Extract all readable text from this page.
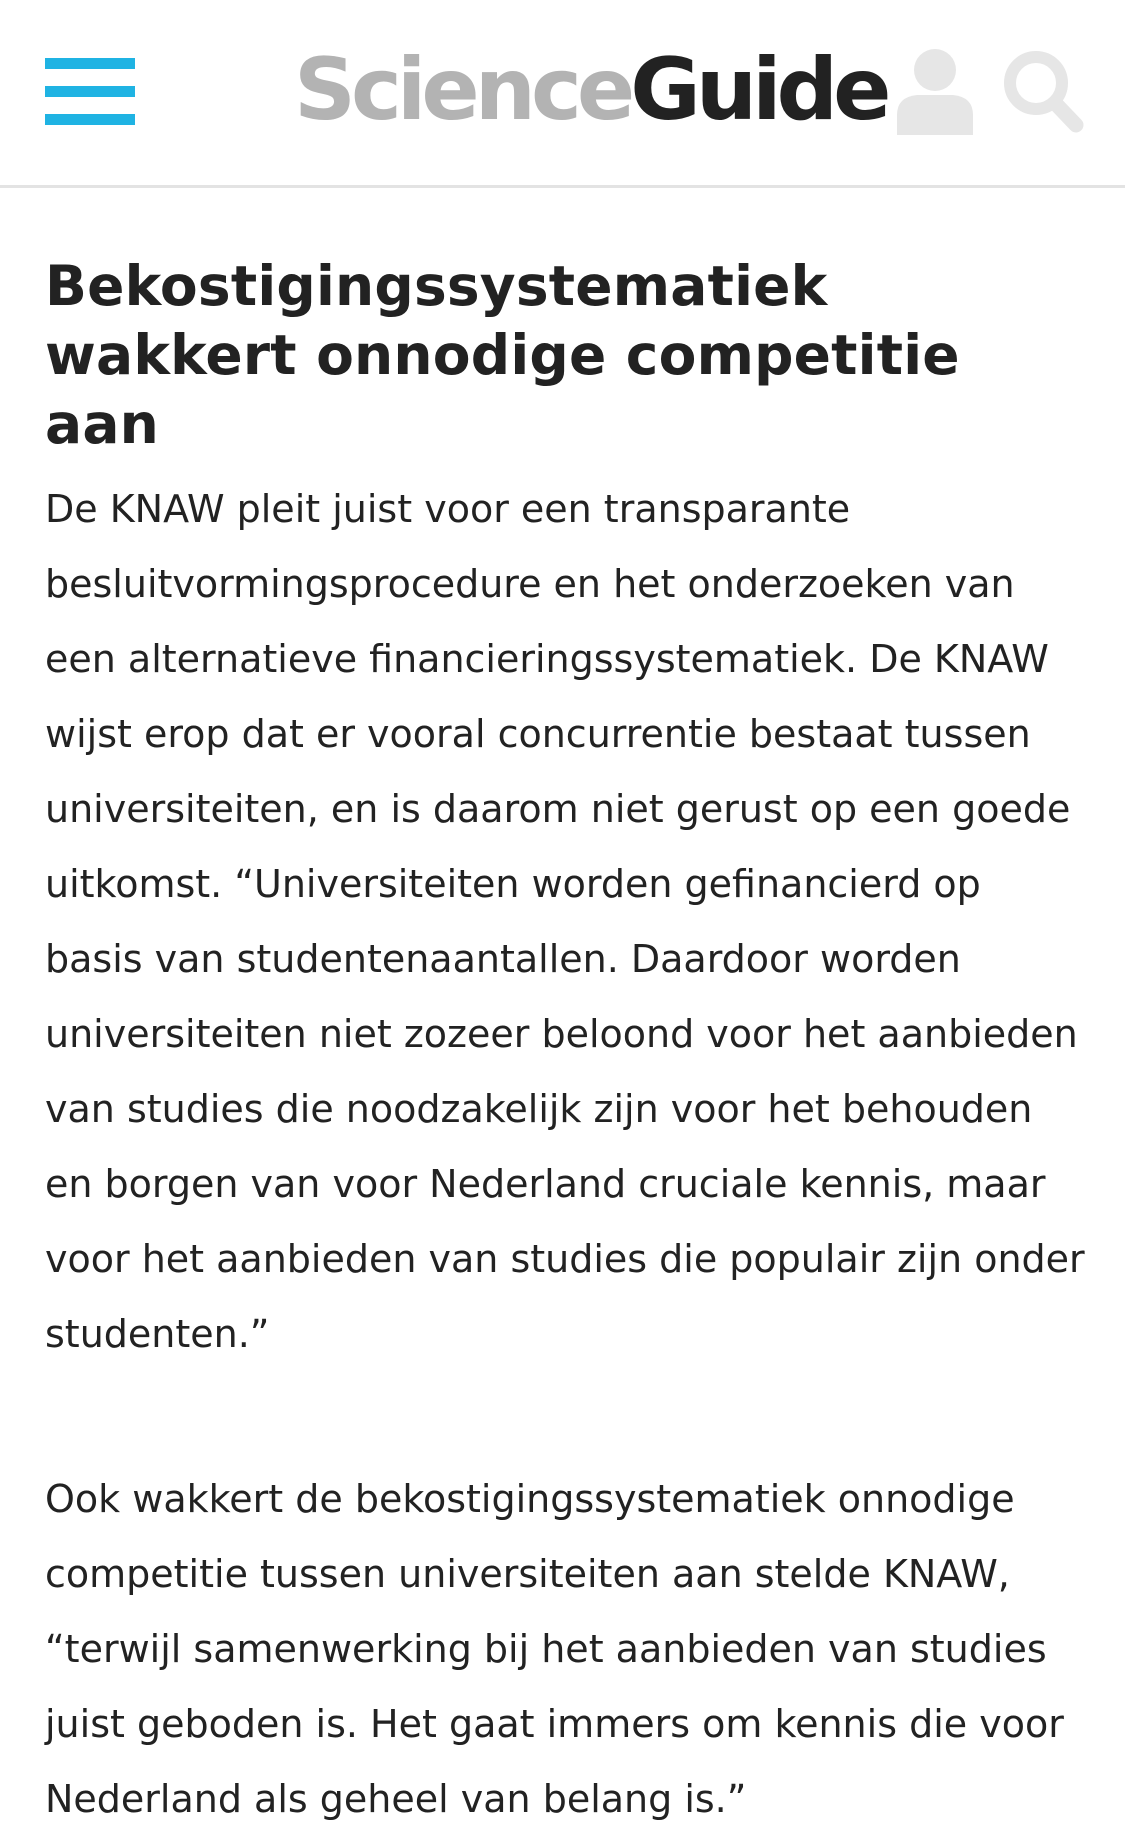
ScienceGuide
Bekostigingssystematiek wakkert onnodige competitie aan

De KNAW pleit juist voor een transparante besluitvormingsprocedure en het onderzoeken van een alternatieve financieringssystematiek. De KNAW wijst erop dat er vooral concurrentie bestaat tussen universiteiten, en is daarom niet gerust op een goede uitkomst. “Universiteiten worden gefinancierd op basis van studentenaantallen. Daardoor worden universiteiten niet zozeer beloond voor het aanbieden van studies die noodzakelijk zijn voor het behouden en borgen van voor Nederland cruciale kennis, maar voor het aanbieden van studies die populair zijn onder studenten.”

Ook wakkert de bekostigingssystematiek onnodige competitie tussen universiteiten aan stelde KNAW, “terwijl samenwerking bij het aanbieden van studies juist geboden is. Het gaat immers om kennis die voor Nederland als geheel van belang is.”
